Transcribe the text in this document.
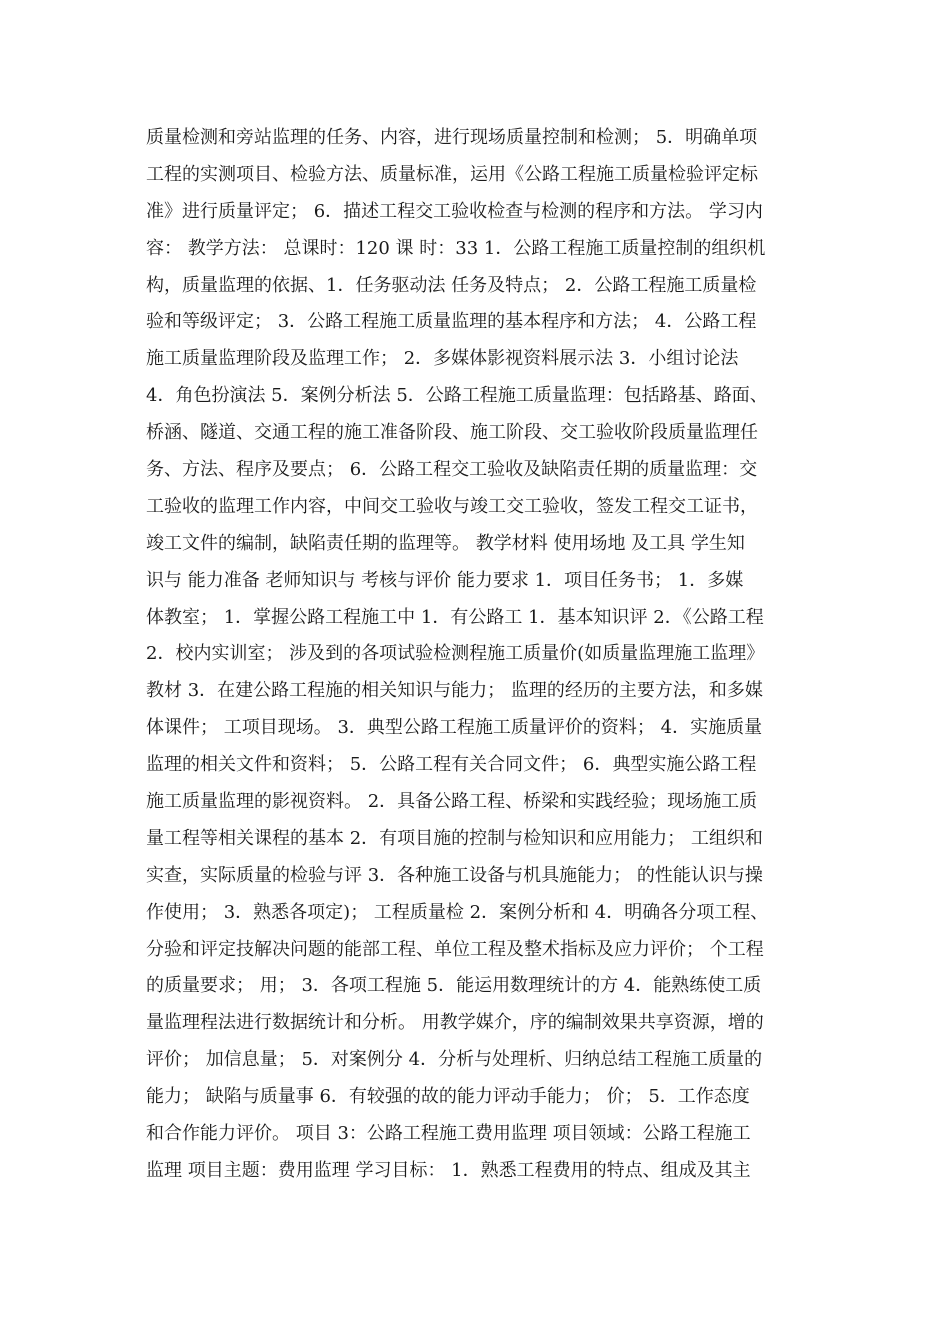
质量检测和旁站监理的任务、内容，进行现场质量控制和检测； 5．明确单项
工程的实测项目、检验方法、质量标准，运用《公路工程施工质量检验评定标
准》进行质量评定； 6．描述工程交工验收检查与检测的程序和方法。 学习内
容： 教学方法： 总课时：120 课 时：33 1．公路工程施工质量控制的组织机
构，质量监理的依据、1．任务驱动法 任务及特点； 2．公路工程施工质量检
验和等级评定； 3．公路工程施工质量监理的基本程序和方法； 4．公路工程
施工质量监理阶段及监理工作； 2．多媒体影视资料展示法 3．小组讨论法
4．角色扮演法 5．案例分析法 5．公路工程施工质量监理：包括路基、路面、
桥涵、隧道、交通工程的施工准备阶段、施工阶段、交工验收阶段质量监理任
务、方法、程序及要点； 6．公路工程交工验收及缺陷责任期的质量监理：交
工验收的监理工作内容，中间交工验收与竣工交工验收，签发工程交工证书，
竣工文件的编制，缺陷责任期的监理等。 教学材料 使用场地 及工具 学生知
识与 能力准备 老师知识与 考核与评价 能力要求 1．项目任务书； 1．多媒
体教室； 1．掌握公路工程施工中 1．有公路工 1．基本知识评 2．《公路工程
2．校内实训室； 涉及到的各项试验检测程施工质量价(如质量监理施工监理》
教材 3．在建公路工程施的相关知识与能力； 监理的经历的主要方法，和多媒
体课件； 工项目现场。 3．典型公路工程施工质量评价的资料； 4．实施质量
监理的相关文件和资料； 5．公路工程有关合同文件； 6．典型实施公路工程
施工质量监理的影视资料。 2．具备公路工程、桥梁和实践经验；现场施工质
量工程等相关课程的基本 2．有项目施的控制与检知识和应用能力； 工组织和
实查，实际质量的检验与评 3．各种施工设备与机具施能力； 的性能认识与操
作使用； 3．熟悉各项定)； 工程质量检 2．案例分析和 4．明确各分项工程、
分验和评定技解决问题的能部工程、单位工程及整术指标及应力评价； 个工程
的质量要求； 用； 3．各项工程施 5．能运用数理统计的方 4．能熟练使工质
量监理程法进行数据统计和分析。 用教学媒介，序的编制效果共享资源，增的
评价； 加信息量； 5．对案例分 4．分析与处理析、归纳总结工程施工质量的
能力； 缺陷与质量事 6．有较强的故的能力评动手能力； 价； 5．工作态度
和合作能力评价。 项目 3：公路工程施工费用监理 项目领域：公路工程施工
监理 项目主题：费用监理 学习目标： 1．熟悉工程费用的特点、组成及其主
